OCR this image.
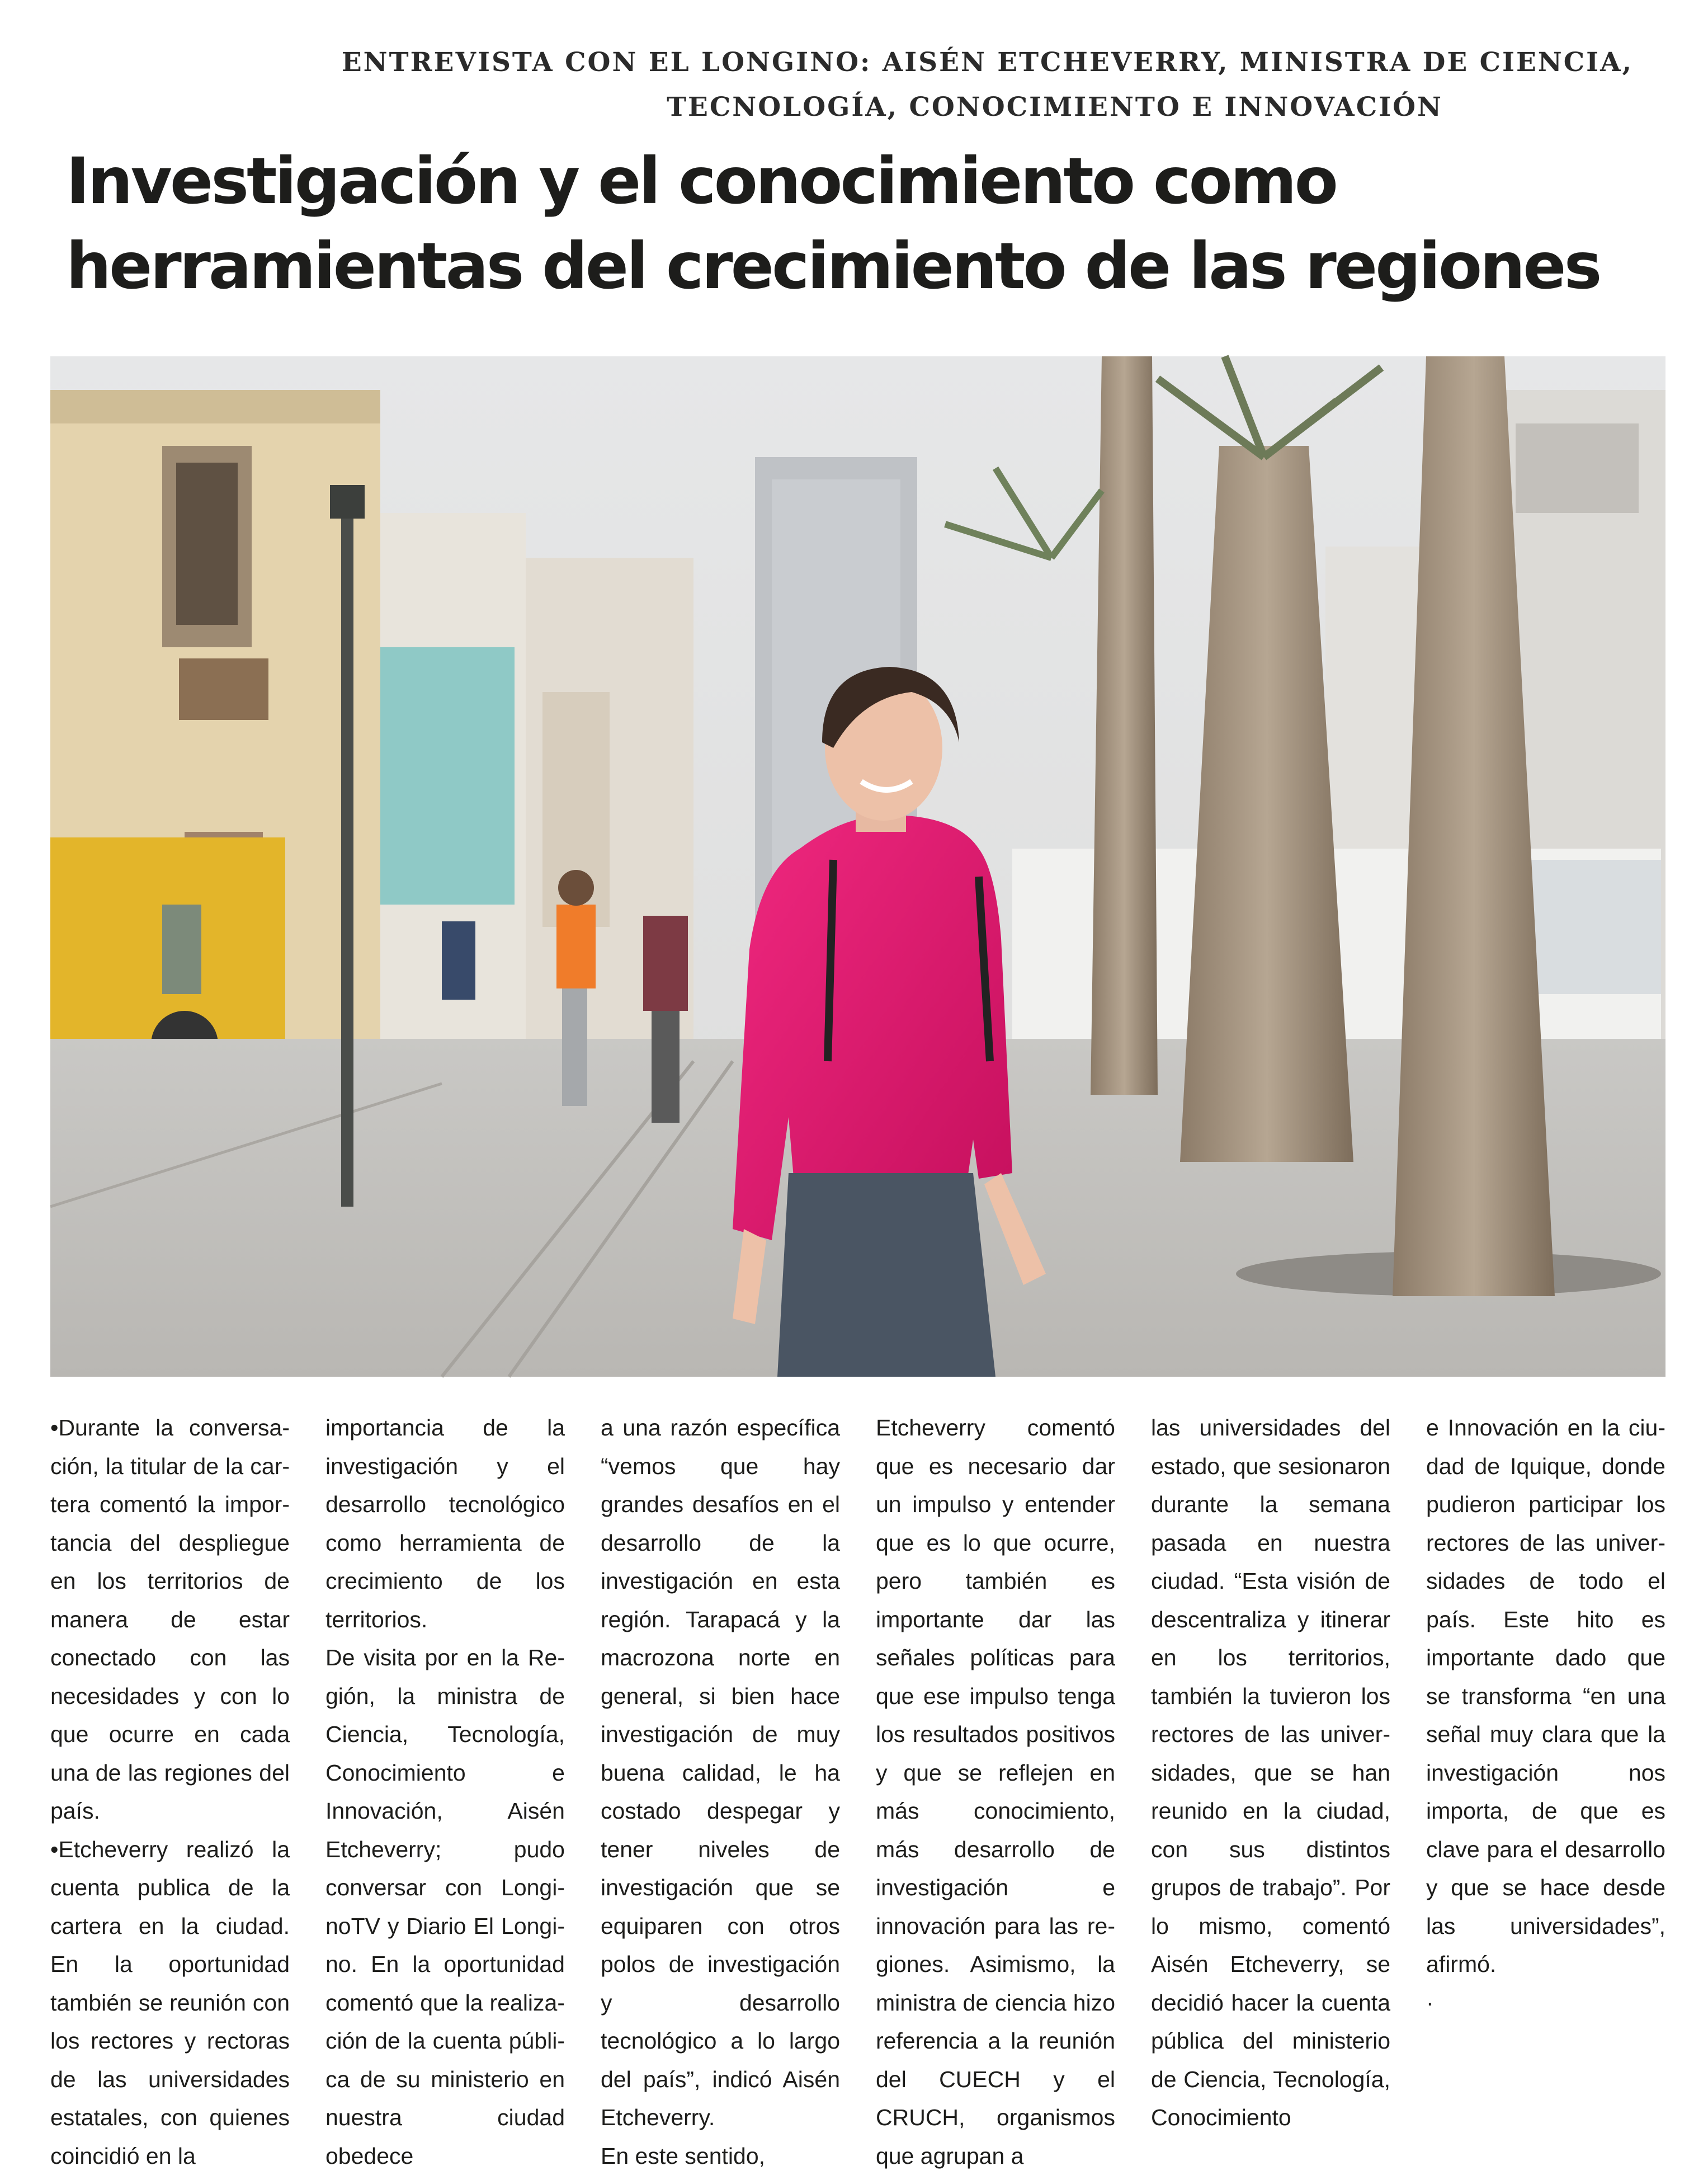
ENTREVISTA CON EL LONGINO: AISÉN ETCHEVERRY, MINISTRA DE CIENCIA,
TECNOLOGÍA, CONOCIMIENTO E INNOVACIÓN
Investigación y el conocimiento como
herramientas del crecimiento de las regiones

•Durante la conversación, la titular de la cartera comentó la importancia del despliegue en los territorios de manera de estar conectado con las necesidades y con lo que ocurre en cada una de las regiones del país.

•Etcheverry realizó la cuenta publica de la cartera en la ciudad. En la oportunidad también se reunión con los rectores y rectoras de las universidades estatales, con quienes coincidió en la

importancia de la investigación y el desarrollo tecnológico como herramienta de crecimiento de los territorios.

De visita por en la Región, la ministra de Ciencia, Tecnología, Conocimiento e Innovación, Aisén Etcheverry; pudo conversar con LonginoTV y Diario El Longino. En la oportunidad comentó que la realización de la cuenta pública de su ministerio en nuestra ciudad obedece

a una razón específica “vemos que hay grandes desafíos en el desarrollo de la investigación en esta región. Tarapacá y la macrozona norte en general, si bien hace investigación de muy buena calidad, le ha costado despegar y tener niveles de investigación que se equiparen con otros polos de investigación y desarrollo tecnológico a lo largo del país”, indicó Aisén Etcheverry.

En este sentido,

Etcheverry comentó que es necesario dar un impulso y entender que es lo que ocurre, pero también es importante dar las señales políticas para que ese impulso tenga los resultados positivos y que se reflejen en más conocimiento, más desarrollo de investigación e innovación para las regiones. Asimismo, la ministra de ciencia hizo referencia a la reunión del CUECH y el CRUCH, organismos que agrupan a

las universidades del estado, que sesionaron durante la semana pasada en nuestra ciudad. “Esta visión de descentraliza y itinerar en los territorios, también la tuvieron los rectores de las universidades, que se han reunido en la ciudad, con sus distintos grupos de trabajo”. Por lo mismo, comentó Aisén Etcheverry, se decidió hacer la cuenta pública del ministerio de Ciencia, Tecnología, Conocimiento

e Innovación en la ciudad de Iquique, donde pudieron participar los rectores de las universidades de todo el país. Este hito es importante dado que se transforma “en una señal muy clara que la investigación nos importa, de que es clave para el desarrollo y que se hace desde las universidades”, afirmó.

·
